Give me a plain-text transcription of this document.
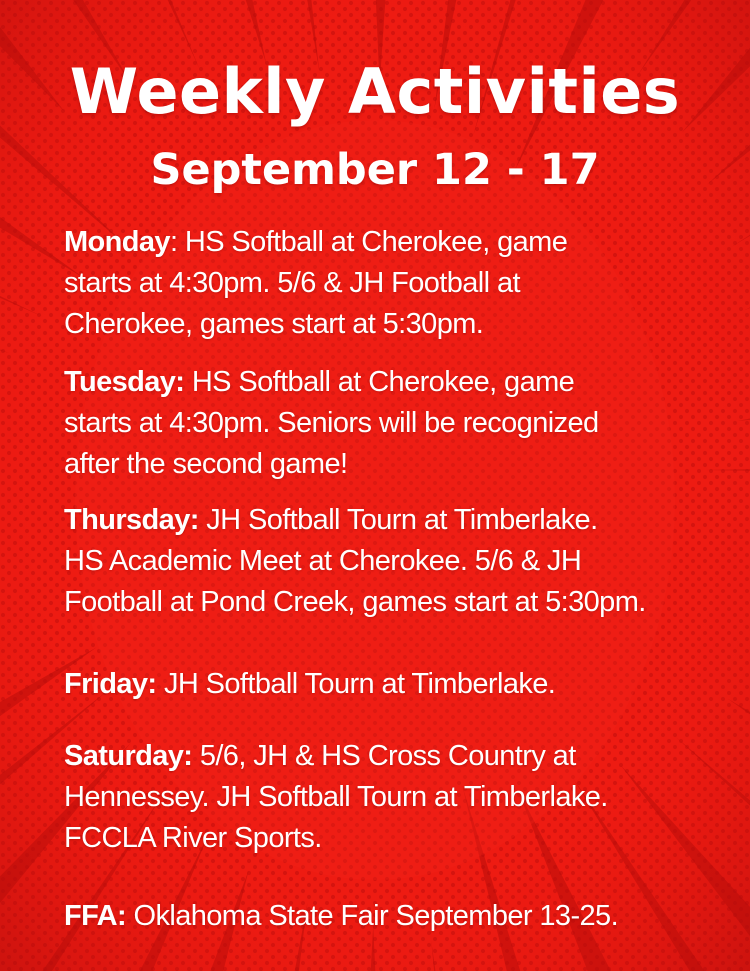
Weekly Activities
September 12 - 17
Monday: HS Softball at Cherokee, game
starts at 4:30pm. 5/6 & JH Football at
Cherokee, games start at 5:30pm.
Tuesday: HS Softball at Cherokee, game
starts at 4:30pm. Seniors will be recognized
after the second game!
Thursday: JH Softball Tourn at Timberlake.
HS Academic Meet at Cherokee. 5/6 & JH
Football at Pond Creek, games start at 5:30pm.
Friday: JH Softball Tourn at Timberlake.
Saturday: 5/6, JH & HS Cross Country at
Hennessey. JH Softball Tourn at Timberlake.
FCCLA River Sports.
FFA: Oklahoma State Fair September 13-25.
